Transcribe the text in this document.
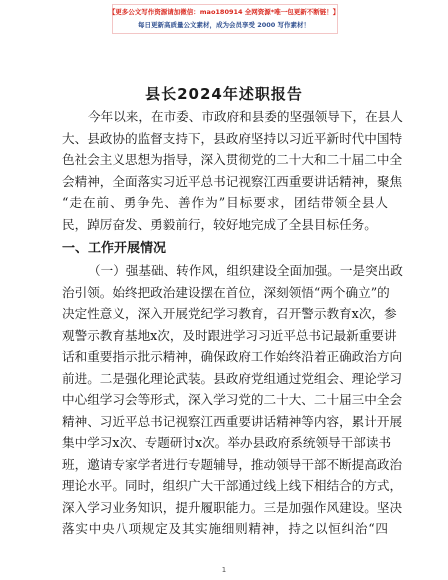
【更多公文写作资源请加微信：mao180914 全网资源*唯一包更新不断链！】
每日更新高质量公文素材，成为会员享受 2000 写作素材！
县长2024年述职报告
今年以来，在市委、市政府和县委的坚强领导下，在县人
大、县政协的监督支持下，县政府坚持以习近平新时代中国特
色社会主义思想为指导，深入贯彻党的二十大和二十届二中全
会精神，全面落实习近平总书记视察江西重要讲话精神，聚焦
“走在前、勇争先、善作为”目标要求，团结带领全县人
民，踔厉奋发、勇毅前行，较好地完成了全县目标任务。
一、工作开展情况
（一）强基础、转作风，组织建设全面加强。一是突出政
治引领。始终把政治建设摆在首位，深刻领悟“两个确立”的
决定性意义，深入开展党纪学习教育，召开警示教育x次，参
观警示教育基地x次，及时跟进学习习近平总书记最新重要讲
话和重要指示批示精神，确保政府工作始终沿着正确政治方向
前进。二是强化理论武装。县政府党组通过党组会、理论学习
中心组学习会等形式，深入学习党的二十大、二十届三中全会
精神、习近平总书记视察江西重要讲话精神等内容，累计开展
集中学习x次、专题研讨x次。举办县政府系统领导干部读书
班，邀请专家学者进行专题辅导，推动领导干部不断提高政治
理论水平。同时，组织广大干部通过线上线下相结合的方式，
深入学习业务知识，提升履职能力。三是加强作风建设。坚决
落实中央八项规定及其实施细则精神，持之以恒纠治“四
1
